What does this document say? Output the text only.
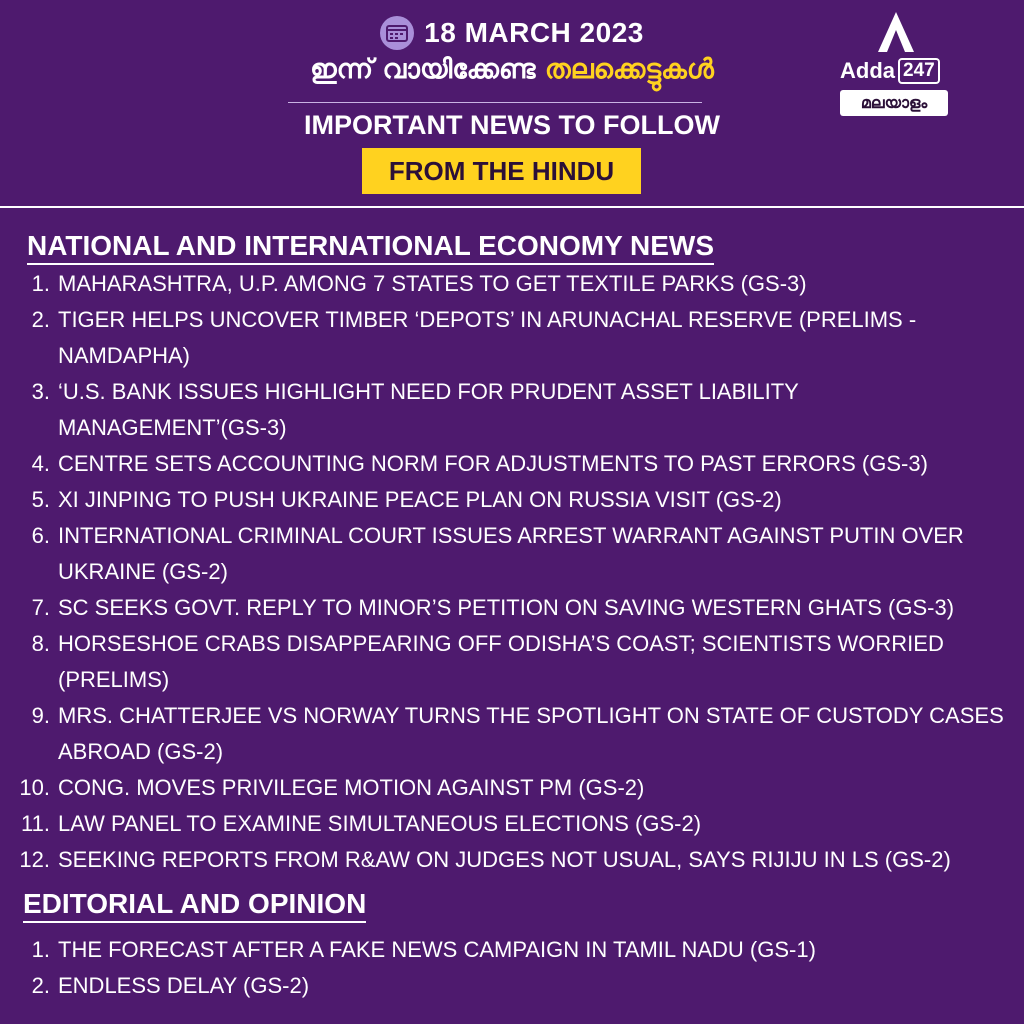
18 MARCH 2023
ഇന്ന് വായിക്കേണ്ട തലക്കെട്ടുകൾ
IMPORTANT NEWS TO FOLLOW
FROM THE HINDU
Adda 247
മലയാളം
NATIONAL AND INTERNATIONAL ECONOMY NEWS
1. MAHARASHTRA, U.P. AMONG 7 STATES TO GET TEXTILE PARKS (GS-3)
2. TIGER HELPS UNCOVER TIMBER ‘DEPOTS’ IN ARUNACHAL RESERVE (PRELIMS - NAMDAPHA)
3. ‘U.S. BANK ISSUES HIGHLIGHT NEED FOR PRUDENT ASSET LIABILITY MANAGEMENT’(GS-3)
4. CENTRE SETS ACCOUNTING NORM FOR ADJUSTMENTS TO PAST ERRORS (GS-3)
5. XI JINPING TO PUSH UKRAINE PEACE PLAN ON RUSSIA VISIT (GS-2)
6. INTERNATIONAL CRIMINAL COURT ISSUES ARREST WARRANT AGAINST PUTIN OVER UKRAINE (GS-2)
7. SC SEEKS GOVT. REPLY TO MINOR’S PETITION ON SAVING WESTERN GHATS (GS-3)
8. HORSESHOE CRABS DISAPPEARING OFF ODISHA’S COAST; SCIENTISTS WORRIED (PRELIMS)
9. MRS. CHATTERJEE VS NORWAY TURNS THE SPOTLIGHT ON STATE OF CUSTODY CASES ABROAD (GS-2)
10. CONG. MOVES PRIVILEGE MOTION AGAINST PM (GS-2)
11. LAW PANEL TO EXAMINE SIMULTANEOUS ELECTIONS (GS-2)
12. SEEKING REPORTS FROM R&AW ON JUDGES NOT USUAL, SAYS RIJIJU IN LS (GS-2)
EDITORIAL AND OPINION
1. THE FORECAST AFTER A FAKE NEWS CAMPAIGN IN TAMIL NADU (GS-1)
2. ENDLESS DELAY (GS-2)
